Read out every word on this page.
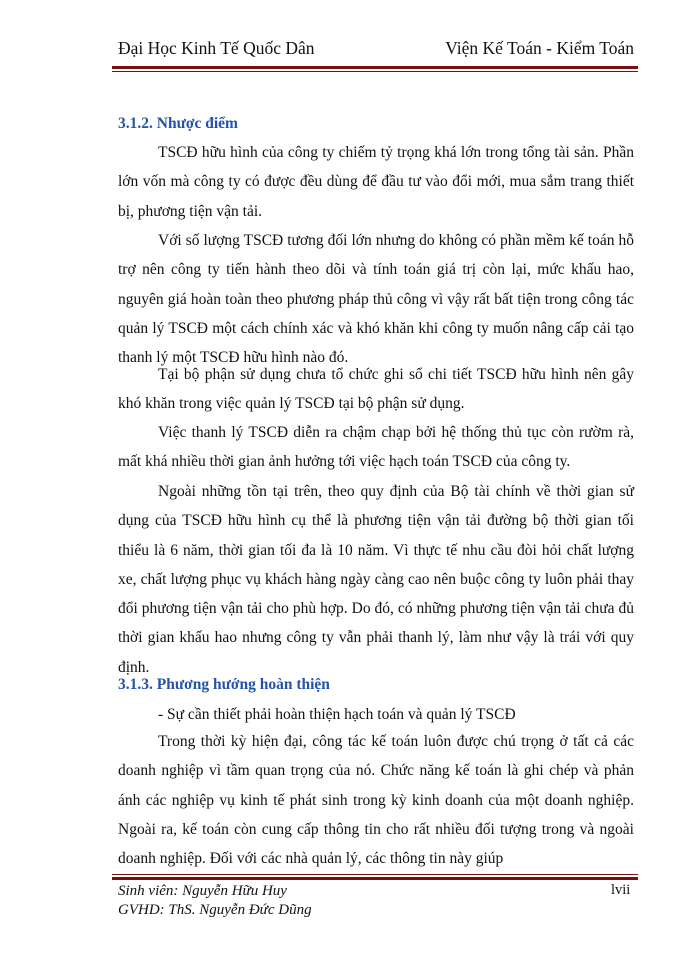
Đại Học Kinh Tế Quốc Dân	Viện Kế Toán - Kiểm Toán
3.1.2. Nhược điểm

TSCĐ hữu hình của công ty chiếm tỷ trọng khá lớn trong tổng tài sản. Phần lớn vốn mà công ty có được đều dùng để đầu tư vào đổi mới, mua sắm trang thiết bị, phương tiện vận tải.

Với số lượng TSCĐ tương đối lớn nhưng do không có phần mềm kế toán hỗ trợ nên công ty tiến hành theo dõi và tính toán giá trị còn lại, mức khấu hao, nguyên giá hoàn toàn theo phương pháp thủ công vì vậy rất bất tiện trong công tác quản lý TSCĐ một cách chính xác và khó khăn khi công ty muốn nâng cấp cải tạo thanh lý một TSCĐ hữu hình nào đó.

Tại bộ phận sử dụng chưa tổ chức ghi sổ chi tiết TSCĐ hữu hình nên gây khó khăn trong việc quản lý TSCĐ tại bộ phận sử dụng.

Việc thanh lý TSCĐ diễn ra chậm chạp bởi hệ thống thủ tục còn rườm rà, mất khá nhiều thời gian ảnh hưởng tới việc hạch toán TSCĐ của công ty.

Ngoài những tồn tại trên, theo quy định của Bộ tài chính về thời gian sử dụng của TSCĐ hữu hình cụ thể là phương tiện vận tải đường bộ thời gian tối thiểu là 6 năm, thời gian tối đa là 10 năm. Vì thực tế nhu cầu đòi hỏi chất lượng xe, chất lượng phục vụ khách hàng ngày càng cao nên buộc công ty luôn phải thay đổi phương tiện vận tải cho phù hợp. Do đó, có những phương tiện vận tải chưa đủ thời gian khấu hao nhưng công ty vẫn phải thanh lý, làm như vậy là trái với quy định.

3.1.3. Phương hướng hoàn thiện
- Sự cần thiết phải hoàn thiện hạch toán và quản lý TSCĐ

Trong thời kỳ hiện đại, công tác kế toán luôn được chú trọng ở tất cả các doanh nghiệp vì tầm quan trọng của nó. Chức năng kế toán là ghi chép và phản ánh các nghiệp vụ kinh tế phát sinh trong kỳ kinh doanh của một doanh nghiệp. Ngoài ra, kế toán còn cung cấp thông tin cho rất nhiều đối tượng trong và ngoài doanh nghiệp. Đối với các nhà quản lý, các thông tin này giúp

Sinh viên: Nguyễn Hữu Huy
GVHD: ThS. Nguyễn Đức Dũng
lvii
